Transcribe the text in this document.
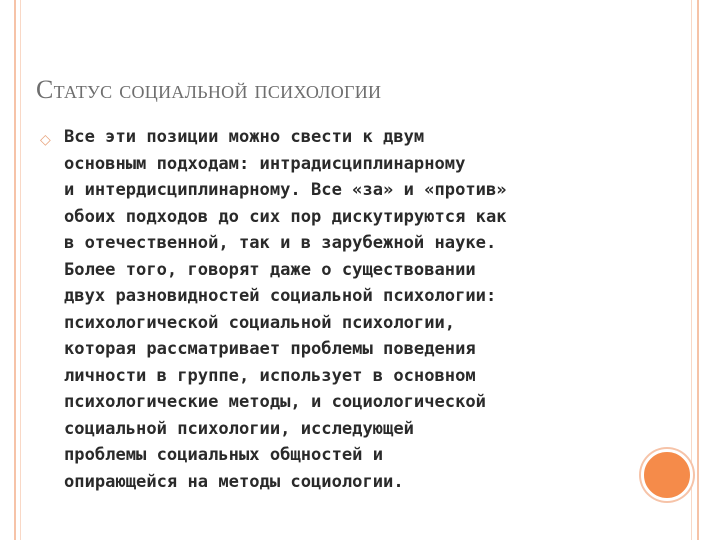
Статус социальной психологии
◇ Все эти позиции можно свести к двум
основным подходам: интрадисциплинарному
и интердисциплинарному. Все «за» и «против»
обоих подходов до сих пор дискутируются как
в отечественной, так и в зарубежной науке.
Более того, говорят даже о существовании
двух разновидностей социальной психологии:
психологической социальной психологии,
которая рассматривает проблемы поведения
личности в группе, использует в основном
психологические методы, и социологической
социальной психологии, исследующей
проблемы социальных общностей и
опирающейся на методы социологии.
